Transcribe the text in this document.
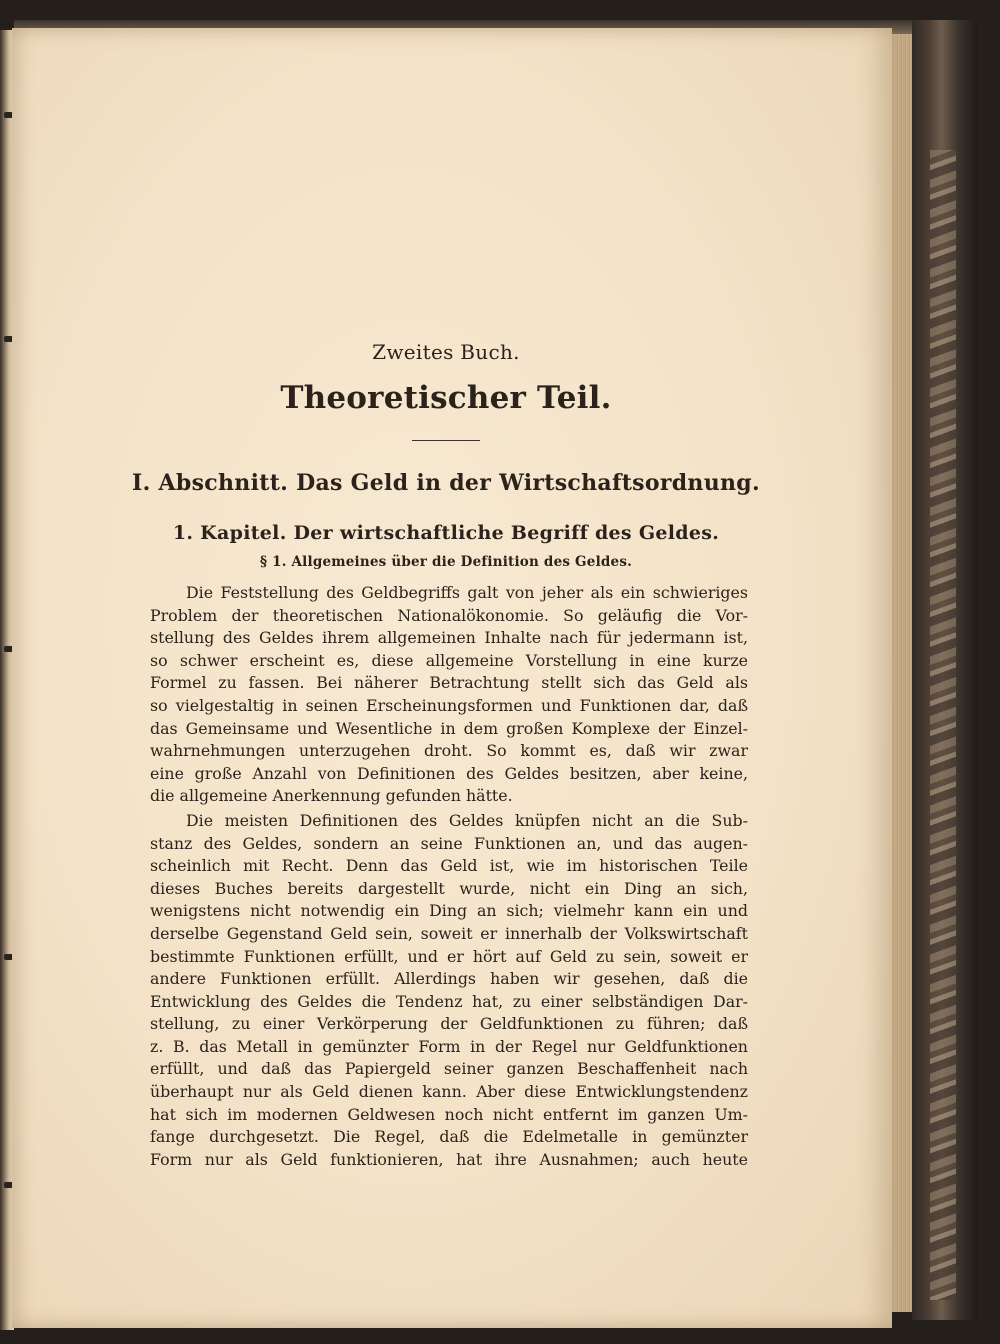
Zweites Buch.
Theoretischer Teil.
I. Abschnitt. Das Geld in der Wirtschaftsordnung.
1. Kapitel. Der wirtschaftliche Begriff des Geldes.
§ 1. Allgemeines über die Definition des Geldes.
Die Feststellung des Geldbegriffs galt von jeher als ein schwieriges
Problem der theoretischen Nationalökonomie. So geläufig die Vor-
stellung des Geldes ihrem allgemeinen Inhalte nach für jedermann ist,
so schwer erscheint es, diese allgemeine Vorstellung in eine kurze
Formel zu fassen. Bei näherer Betrachtung stellt sich das Geld als
so vielgestaltig in seinen Erscheinungsformen und Funktionen dar, daß
das Gemeinsame und Wesentliche in dem großen Komplexe der Einzel-
wahrnehmungen unterzugehen droht. So kommt es, daß wir zwar
eine große Anzahl von Definitionen des Geldes besitzen, aber keine,
die allgemeine Anerkennung gefunden hätte.
Die meisten Definitionen des Geldes knüpfen nicht an die Sub-
stanz des Geldes, sondern an seine Funktionen an, und das augen-
scheinlich mit Recht. Denn das Geld ist, wie im historischen Teile
dieses Buches bereits dargestellt wurde, nicht ein Ding an sich,
wenigstens nicht notwendig ein Ding an sich; vielmehr kann ein und
derselbe Gegenstand Geld sein, soweit er innerhalb der Volkswirtschaft
bestimmte Funktionen erfüllt, und er hört auf Geld zu sein, soweit er
andere Funktionen erfüllt. Allerdings haben wir gesehen, daß die
Entwicklung des Geldes die Tendenz hat, zu einer selbständigen Dar-
stellung, zu einer Verkörperung der Geldfunktionen zu führen; daß
z. B. das Metall in gemünzter Form in der Regel nur Geldfunktionen
erfüllt, und daß das Papiergeld seiner ganzen Beschaffenheit nach
überhaupt nur als Geld dienen kann. Aber diese Entwicklungstendenz
hat sich im modernen Geldwesen noch nicht entfernt im ganzen Um-
fange durchgesetzt. Die Regel, daß die Edelmetalle in gemünzter
Form nur als Geld funktionieren, hat ihre Ausnahmen; auch heute
